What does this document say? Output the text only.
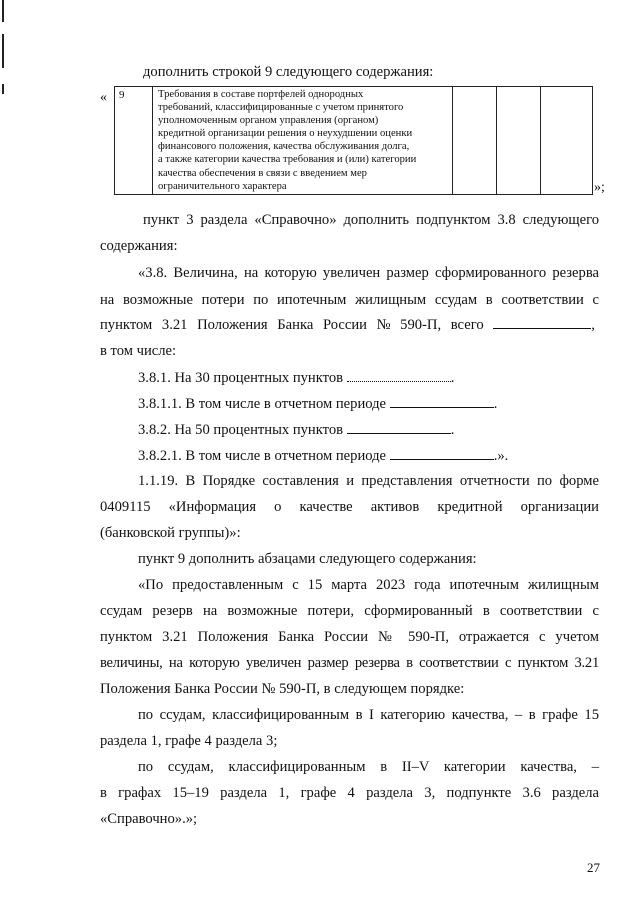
дополнить строкой 9 следующего содержания:
« 9	Требования в составе портфелей однородных
требований, классифицированные с учетом принятого
уполномоченным органом управления (органом)
кредитной организации решения о неухудшении оценки
финансового положения, качества обслуживания долга,
а также категории качества требования и (или) категории
качества обеспечения в связи с введением мер
ограничительного характера
				»;
пункт 3 раздела «Справочно» дополнить подпунктом 3.8 следующего
содержания:
«3.8. Величина, на которую увеличен размер сформированного резерва
на возможные потери по ипотечным жилищным ссудам в соответствии с
пунктом 3.21 Положения Банка России № 590-П, всего	,
в том числе:
3.8.1. На 30 процентных пунктов	.
3.8.1.1. В том числе в отчетном периоде	.
3.8.2. На 50 процентных пунктов	.
3.8.2.1. В том числе в отчетном периоде	.».
1.1.19. В Порядке составления и представления отчетности по форме
0409115 «Информация о качестве активов кредитной организации
(банковской группы)»:
пункт 9 дополнить абзацами следующего содержания:
«По предоставленным с 15 марта 2023 года ипотечным жилищным
ссудам резерв на возможные потери, сформированный в соответствии с
пунктом 3.21 Положения Банка России № 590-П, отражается с учетом
величины, на которую увеличен размер резерва в соответствии с пунктом 3.21
Положения Банка России № 590-П, в следующем порядке:
по ссудам, классифицированным в I категорию качества, – в графе 15
раздела 1, графе 4 раздела 3;
по ссудам, классифицированным в II–V категории качества, –
в графах 15–19 раздела 1, графе 4 раздела 3, подпункте 3.6 раздела
«Справочно».»;
27
